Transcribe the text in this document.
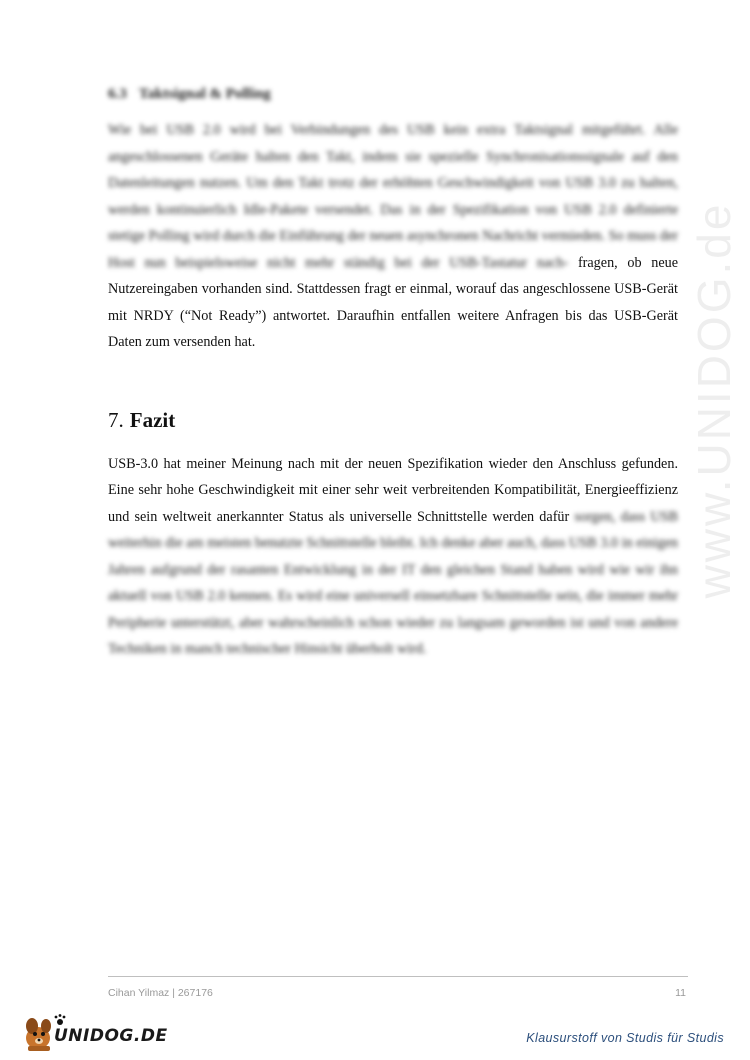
www.UNIDOG.de
6.3 Taktsignal & Polling

Wie bei USB 2.0 wird bei Verbindungen des USB kein extra Taktsignal mitgeführt. Alle angeschlossenen Geräte halten den Takt, indem sie spezielle Synchronisationssignale auf den Datenleitungen nutzen. Um den Takt trotz der erhöhten Geschwindigkeit von USB 3.0 zu halten, werden kontinuierlich Idle-Pakete versendet. Das in der Spezifikation von USB 2.0 definierte stetige Polling wird durch die Einführung der neuen asynchronen Nachricht vermieden. So muss der Host nun beispielsweise nicht mehr ständig bei der USB-Tastatur nach- fragen, ob neue Nutzereingaben vorhanden sind. Stattdessen fragt er einmal, worauf das angeschlossene USB-Gerät mit NRDY (“Not Ready”) antwortet. Daraufhin entfallen weitere Anfragen bis das USB-Gerät Daten zum versenden hat.

7. Fazit

USB-3.0 hat meiner Meinung nach mit der neuen Spezifikation wieder den Anschluss gefunden. Eine sehr hohe Geschwindigkeit mit einer sehr weit verbreitenden Kompatibilität, Energieeffizienz und sein weltweit anerkannter Status als universelle Schnittstelle werden dafür sorgen, dass USB weiterhin die am meisten benutzte Schnittstelle bleibt. Ich denke aber auch, dass USB 3.0 in einigen Jahren aufgrund der rasanten Entwicklung in der IT den gleichen Stand haben wird wie wir ihn aktuell von USB 2.0 kennen. Es wird eine universell einsetzbare Schnittstelle sein, die immer mehr Peripherie unterstützt, aber wahrscheinlich schon wieder zu langsam geworden ist und von andere Techniken in manch technischer Hinsicht überholt wird.

Cihan Yilmaz | 267176	11
UNIDOG.DE	Klausurstoff von Studis für Studis
